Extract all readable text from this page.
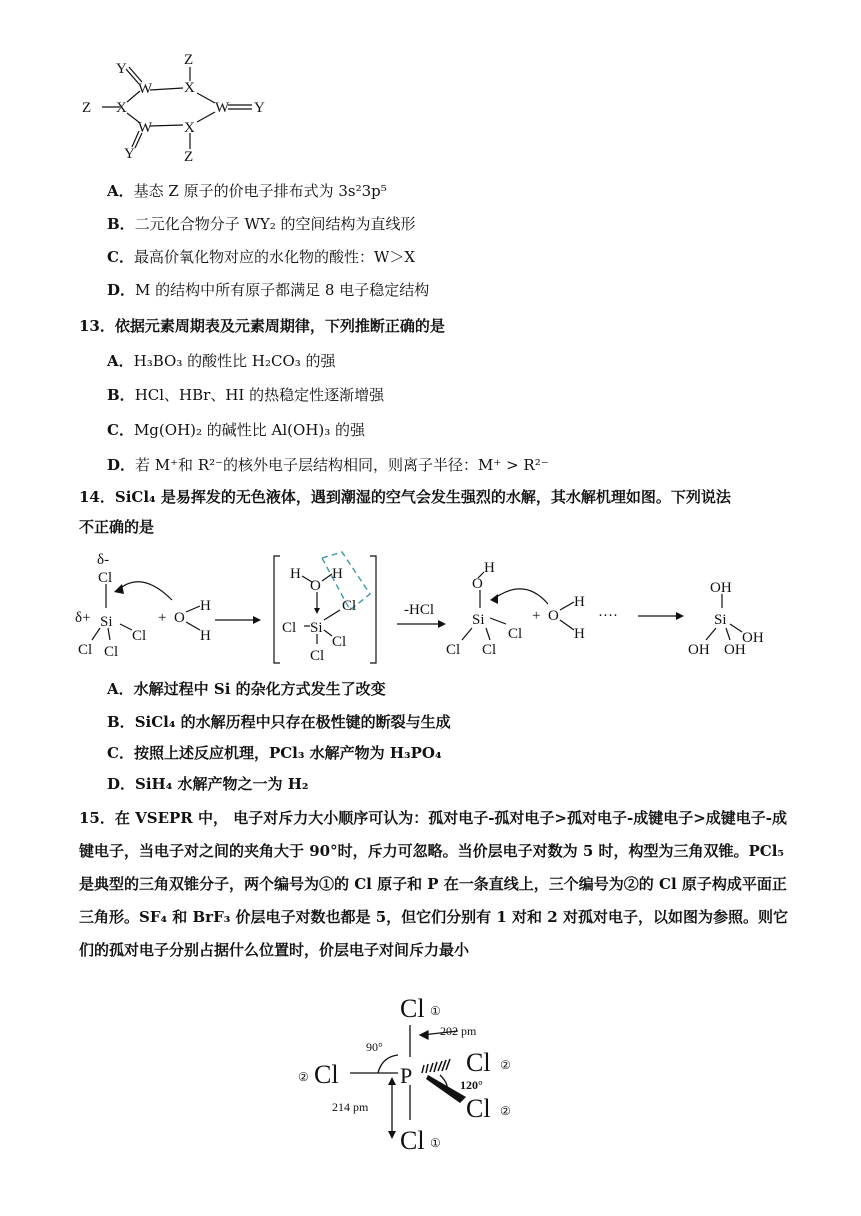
Z
X
Y
W
Z X	W Y
W X
Y	Z
A．基态 Z 原子的价电子排布式为 3s²3p⁵
B．二元化合物分子 WY₂ 的空间结构为直线形
C．最高价氧化物对应的水化物的酸性：W＞X
D．M 的结构中所有原子都满足 8 电子稳定结构
13．依据元素周期表及元素周期律，下列推断正确的是
A．H₃BO₃ 的酸性比 H₂CO₃ 的强
B．HCl、HBr、HI 的热稳定性逐渐增强
C．Mg(OH)₂ 的碱性比 Al(OH)₃ 的强
D．若 M⁺和 R²⁻的核外电子层结构相同，则离子半径：M⁺ > R²⁻
14．SiCl₄ 是易挥发的无色液体，遇到潮湿的空气会发生强烈的水解，其水解机理如图。下列说法
不正确的是
δ-
Cl
δ+ Si
Cl
Cl Cl
+ O
H
H
H
O
H
Cl
Cl Si
Cl
Cl
-HCl
O
H
Si
Cl
Cl Cl
+ O
H
H
····
OH
Si
OH
OH OH
A．水解过程中 Si 的杂化方式发生了改变
B．SiCl₄ 的水解历程中只存在极性键的断裂与生成
C．按照上述反应机理，PCl₃ 水解产物为 H₃PO₄
D．SiH₄ 水解产物之一为 H₂
15．在 VSEPR 中， 电子对斥力大小顺序可认为：孤对电子-孤对电子>孤对电子-成键电子>成键电子-成键电子，当电子对之间的夹角大于 90°时，斥力可忽略。当价层电子对数为 5 时，构型为三角双锥。PCl₅ 是典型的三角双锥分子，两个编号为①的 Cl 原子和 P 在一条直线上，三个编号为②的 Cl 原子构成平面正三角形。SF₄ 和 BrF₃ 价层电子对数也都是 5，但它们分别有 1 对和 2 对孤对电子，以如图为参照。则它们的孤对电子分别占据什么位置时，价层电子对间斥力最小
Cl ①
202 pm
90°
② Cl	P Cl ②
120°
Cl ②
214 pm
Cl ①
